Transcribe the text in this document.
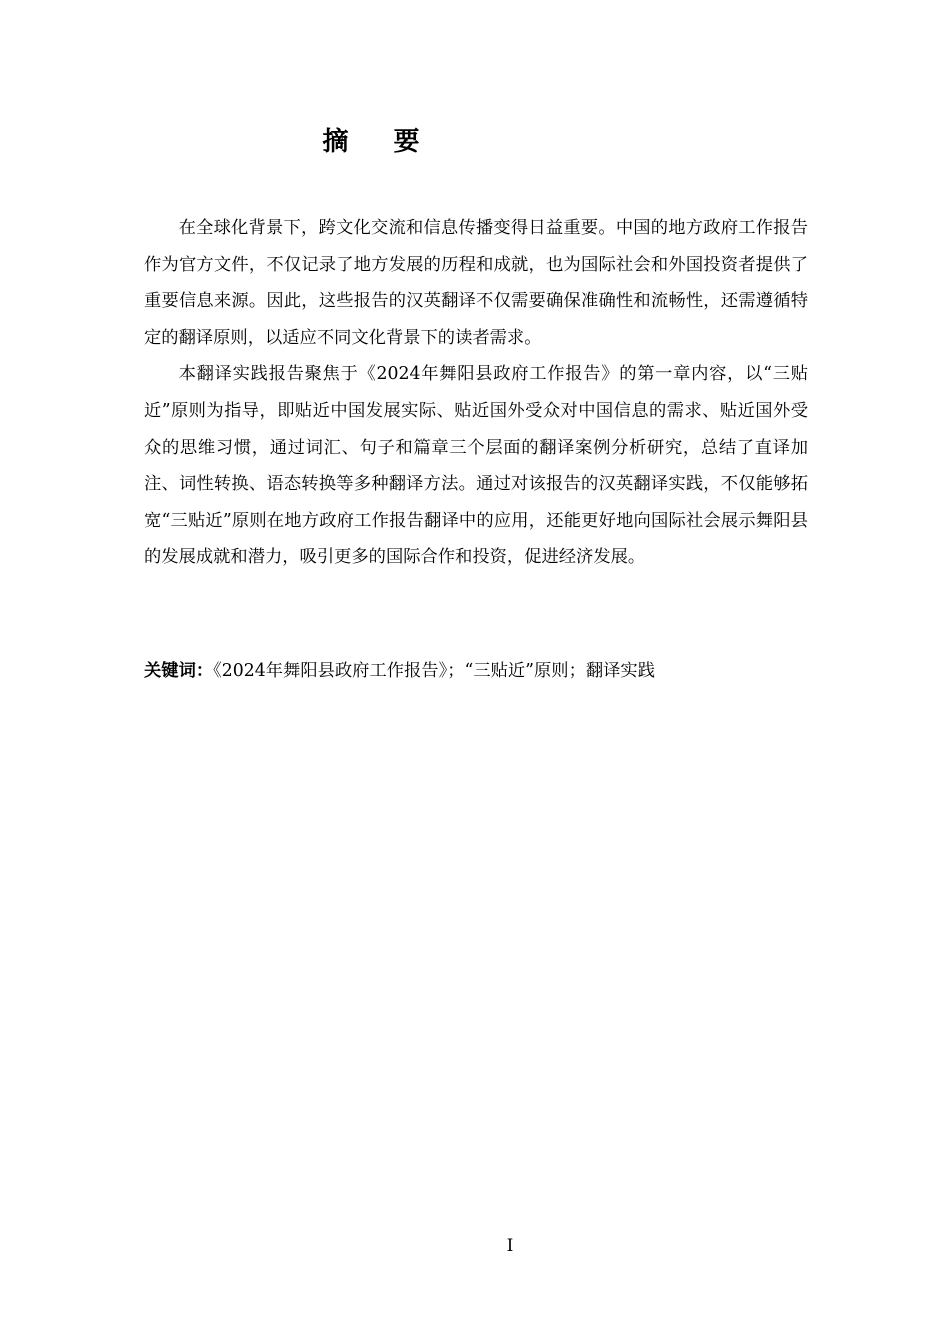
摘 要

在全球化背景下，跨文化交流和信息传播变得日益重要。中国的地方政府工作报告作为官方文件，不仅记录了地方发展的历程和成就，也为国际社会和外国投资者提供了重要信息来源。因此，这些报告的汉英翻译不仅需要确保准确性和流畅性，还需遵循特定的翻译原则，以适应不同文化背景下的读者需求。

本翻译实践报告聚焦于《2024年舞阳县政府工作报告》的第一章内容，以“三贴近”原则为指导，即贴近中国发展实际、贴近国外受众对中国信息的需求、贴近国外受众的思维习惯，通过词汇、句子和篇章三个层面的翻译案例分析研究，总结了直译加注、词性转换、语态转换等多种翻译方法。通过对该报告的汉英翻译实践，不仅能够拓宽“三贴近”原则在地方政府工作报告翻译中的应用，还能更好地向国际社会展示舞阳县的发展成就和潜力，吸引更多的国际合作和投资，促进经济发展。

关键词：《2024年舞阳县政府工作报告》；“三贴近”原则；翻译实践

I
